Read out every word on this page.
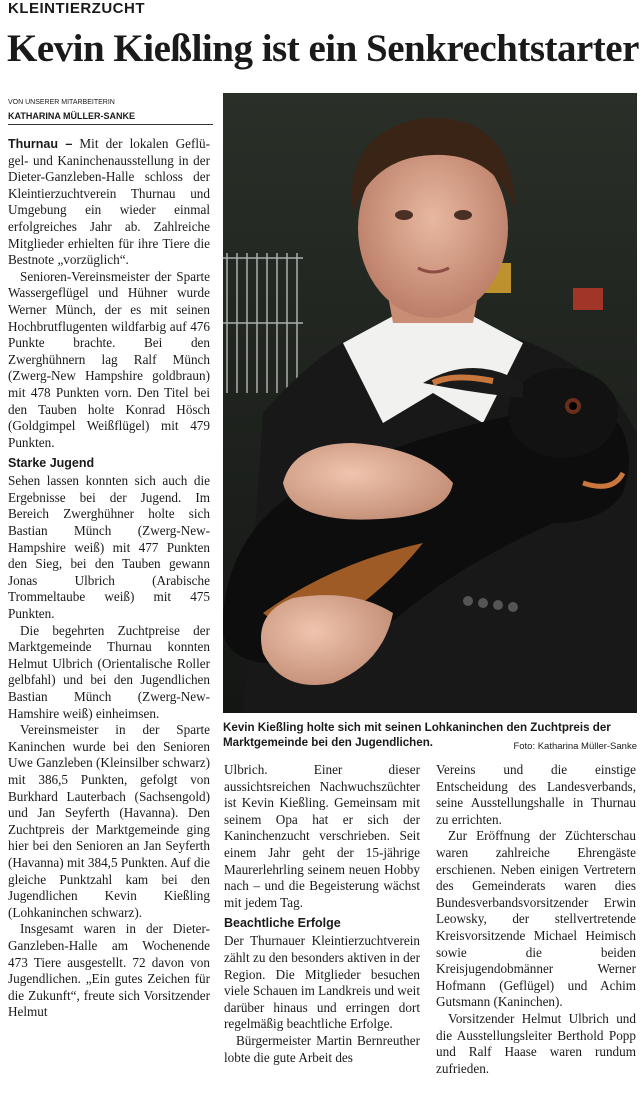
KLEINTIERZUCHT
Kevin Kießling ist ein Senkrechtstarter
VON UNSERER MITARBEITERIN
KATHARINA MÜLLER-SANKE

Thurnau – Mit der lokalen Geflü-gel- und Kaninchenausstellung in der Dieter-Ganzleben-Halle schloss der Kleintierzuchtverein Thurnau und Umgebung ein wieder einmal erfolgreiches Jahr ab. Zahlreiche Mitglieder erhielten für ihre Tiere die Bestnote „vorzüglich“.

Senioren-Vereinsmeister der Sparte Wassergeflügel und Hühner wurde Werner Münch, der es mit seinen Hochbrutflugenten wildfarbig auf 476 Punkte brachte. Bei den Zwerghühnern lag Ralf Münch (Zwerg-New Hampshire goldbraun) mit 478 Punkten vorn. Den Titel bei den Tauben holte Konrad Hösch (Goldgimpel Weißflügel) mit 479 Punkten.

Starke Jugend

Sehen lassen konnten sich auch die Ergebnisse bei der Jugend. Im Bereich Zwerghühner holte sich Bastian Münch (Zwerg-New-Hampshire weiß) mit 477 Punkten den Sieg, bei den Tauben gewann Jonas Ulbrich (Arabische Trommeltaube weiß) mit 475 Punkten.

Die begehrten Zuchtpreise der Marktgemeinde Thurnau konnten Helmut Ulbrich (Orientalische Roller gelbfahl) und bei den Jugendlichen Bastian Münch (Zwerg-New-Hamshire weiß) einheimsen.

Vereinsmeister in der Sparte Kaninchen wurde bei den Senioren Uwe Ganzleben (Kleinsilber schwarz) mit 386,5 Punkten, gefolgt von Burkhard Lauterbach (Sachsengold) und Jan Seyferth (Havanna). Den Zuchtpreis der Marktgemeinde ging hier bei den Senioren an Jan Seyferth (Havanna) mit 384,5 Punkten. Auf die gleiche Punktzahl kam bei den Jugendlichen Kevin Kießling (Lohkaninchen schwarz).

Insgesamt waren in der Dieter-Ganzleben-Halle am Wochenende 473 Tiere ausgestellt. 72 davon von Jugendlichen. „Ein gutes Zeichen für die Zukunft“, freute sich Vorsitzender Helmut

Kevin Kießling holte sich mit seinen Lohkaninchen den Zuchtpreis der Marktgemeinde bei den Jugendlichen.	Foto: Katharina Müller-Sanke

Ulbrich. Einer dieser aussichtsreichen Nachwuchszüchter ist Kevin Kießling. Gemeinsam mit seinem Opa hat er sich der Kaninchenzucht verschrieben. Seit einem Jahr geht der 15-jährige Maurerlehrling seinem neuen Hobby nach – und die Begeisterung wächst mit jedem Tag.

Beachtliche Erfolge

Der Thurnauer Kleintierzuchtverein zählt zu den besonders aktiven in der Region. Die Mitglieder besuchen viele Schauen im Landkreis und weit darüber hinaus und erringen dort regelmäßig beachtliche Erfolge.

Bürgermeister Martin Bernreuther lobte die gute Arbeit des

Vereins und die einstige Entscheidung des Landesverbands, seine Ausstellungshalle in Thurnau zu errichten.

Zur Eröffnung der Züchterschau waren zahlreiche Ehrengäste erschienen. Neben einigen Vertretern des Gemeinderats waren dies Bundesverbandsvorsitzender Erwin Leowsky, der stellvertretende Kreisvorsitzende Michael Heimisch sowie die beiden Kreisjugendobmänner Werner Hofmann (Geflügel) und Achim Gutsmann (Kaninchen).

Vorsitzender Helmut Ulbrich und die Ausstellungsleiter Berthold Popp und Ralf Haase waren rundum zufrieden.
